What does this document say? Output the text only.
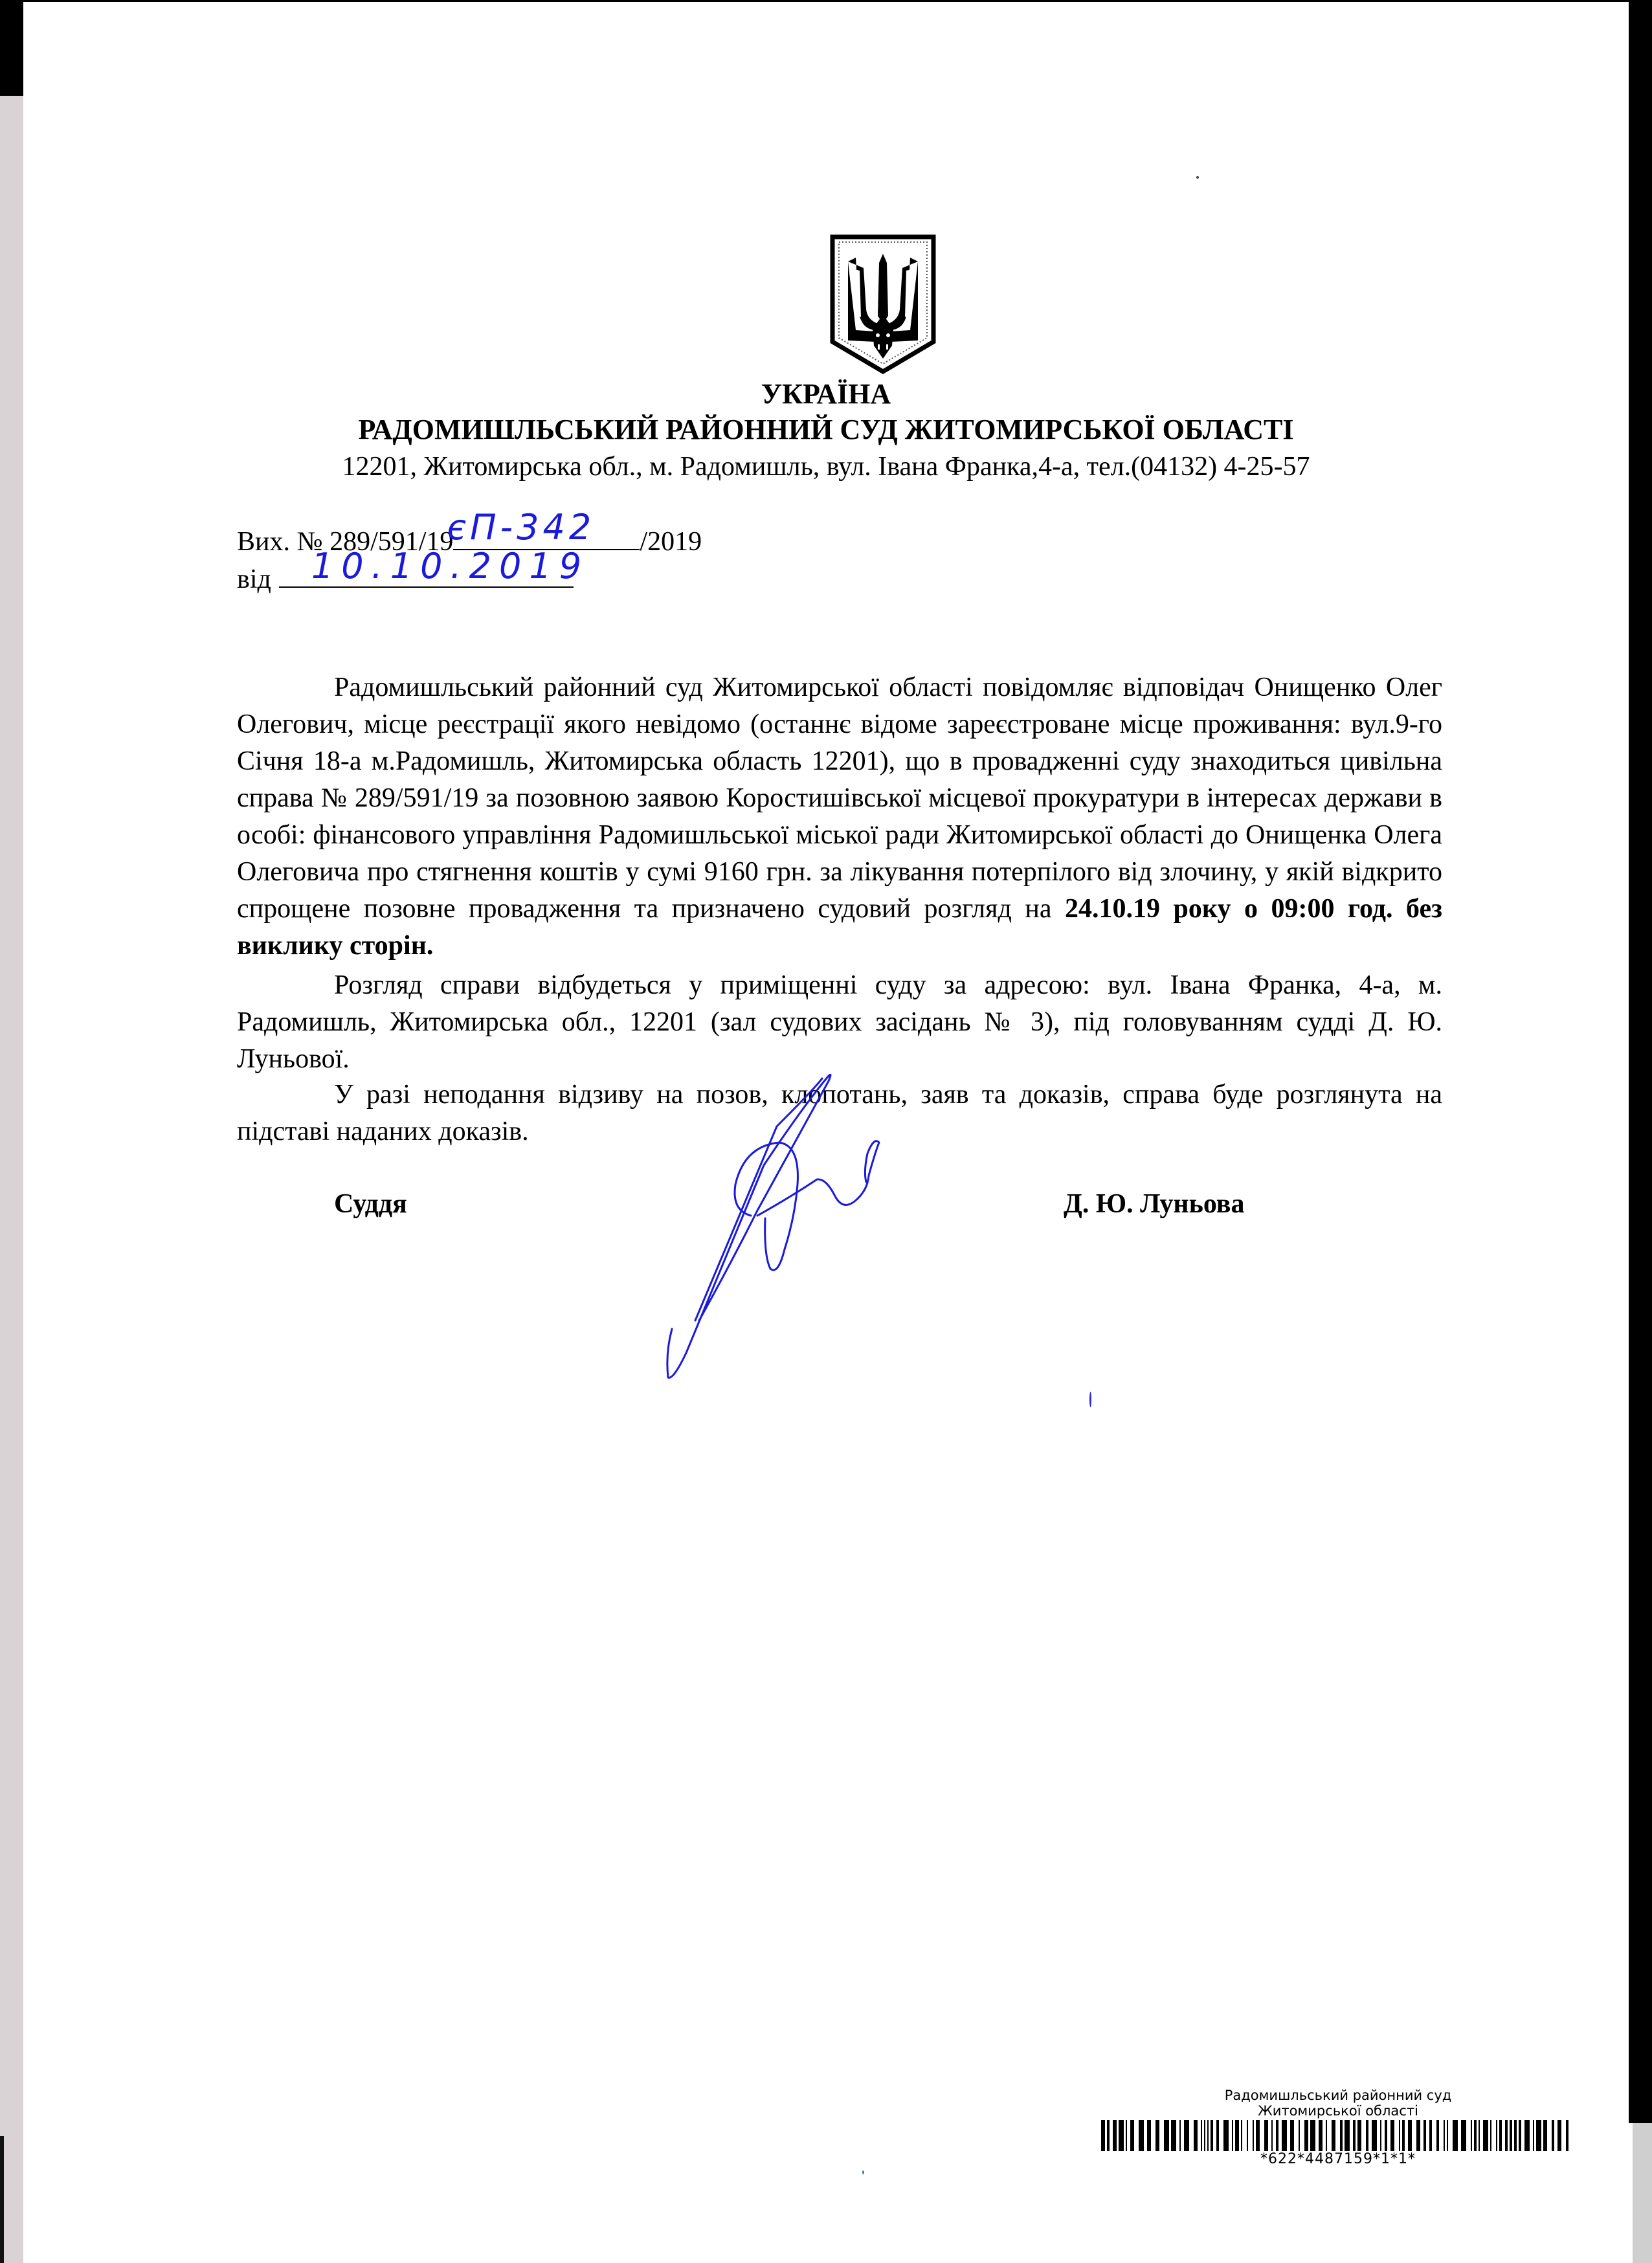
УКРАЇНА
РАДОМИШЛЬСЬКИЙ РАЙОННИЙ СУД ЖИТОМИРСЬКОЇ ОБЛАСТІ
12201, Житомирська обл., м. Радомишль, вул. Івана Франка,4-а, тел.(04132) 4-25-57
Вих. № 289/591/19
єП-342 /2019
від 10.10.2019

Радомишльський районний суд Житомирської області повідомляє відповідач Онищенко Олег Олегович, місце реєстрації якого невідомо (останнє відоме зареєстроване місце проживання: вул.9-го Січня 18-а м.Радомишль, Житомирська область 12201), що в провадженні суду знаходиться цивільна справа № 289/591/19 за позовною заявою Коростишівської місцевої прокуратури в інтересах держави в особі: фінансового управління Радомишльської міської ради Житомирської області до Онищенка Олега Олеговича про стягнення коштів у сумі 9160 грн. за лікування потерпілого від злочину, у якій відкрито спрощене позовне провадження та призначено судовий розгляд на 24.10.19 року о 09:00 год. без виклику сторін.

Розгляд справи відбудеться у приміщенні суду за адресою: вул. Івана Франка, 4-а, м. Радомишль, Житомирська обл., 12201 (зал судових засідань № 3), під головуванням судді Д. Ю. Луньової.

У разі неподання відзиву на позов, клопотань, заяв та доказів, справа буде розглянута на підставі наданих доказів.

Суддя	Д. Ю. Луньова
Радомишльський районний суд
Житомирської області
*622*4487159*1*1*
